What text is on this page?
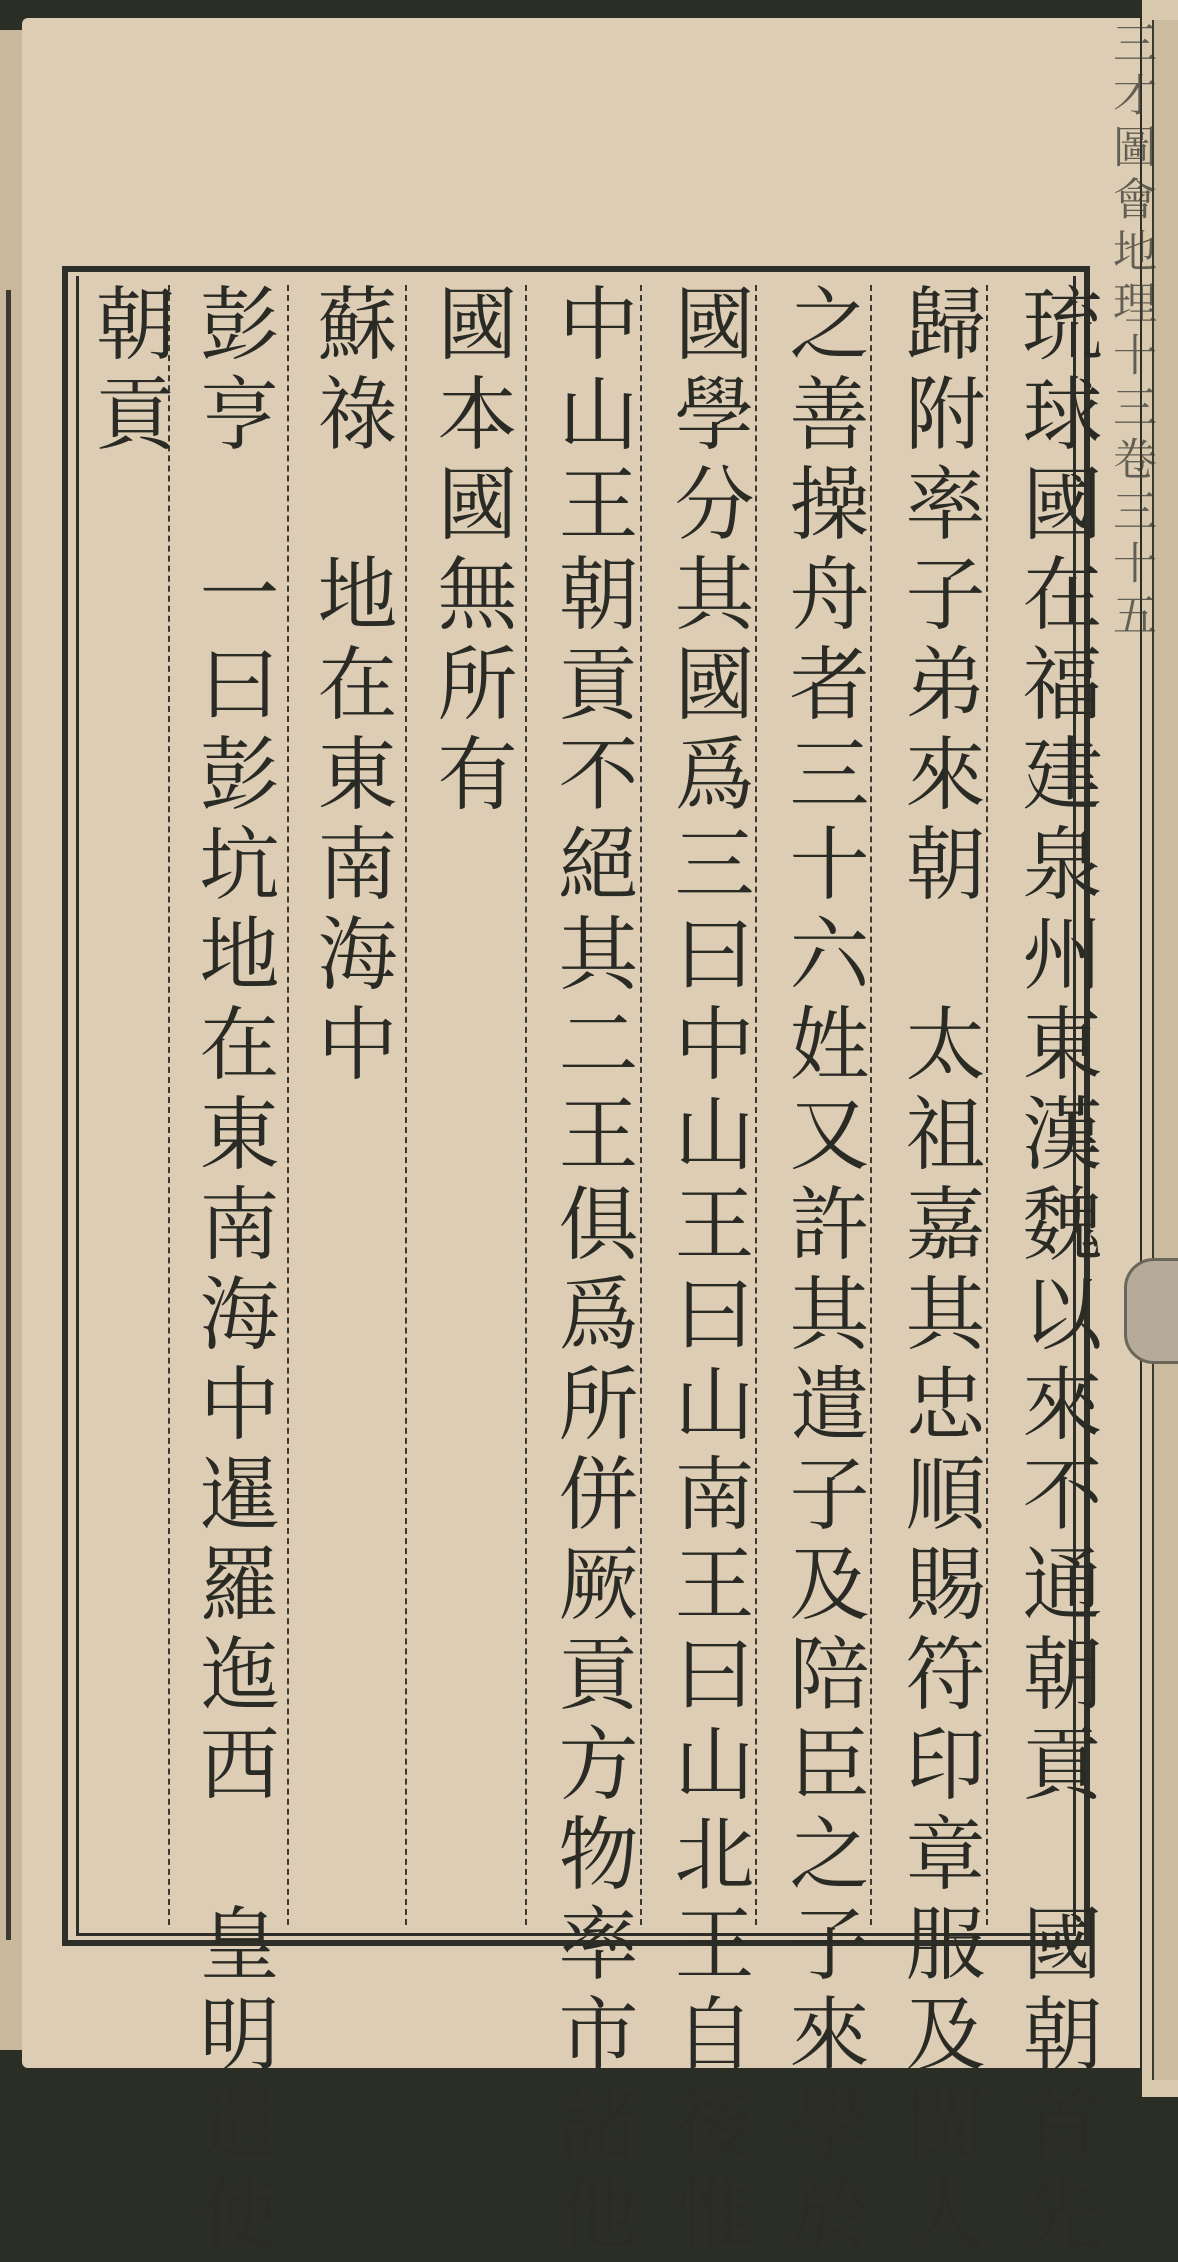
三才圖會地理十三卷三十五
琉球國在福建泉州東漢魏以來不通朝貢　國朝首先
歸附率子弟來朝　太祖嘉其忠順賜符印章服及閩人
之善操舟者三十六姓又許其遣子及陪臣之子來學於
國學分其國爲三曰中山王曰山南王曰山北王自後惟
中山王朝貢不絕其二王俱爲所併厥貢方物率市諸他
國本國無所有
蘇祿　地在東南海中
彭亨　一曰彭坑地在東南海中暹羅迤西　皇明遣使
朝貢
